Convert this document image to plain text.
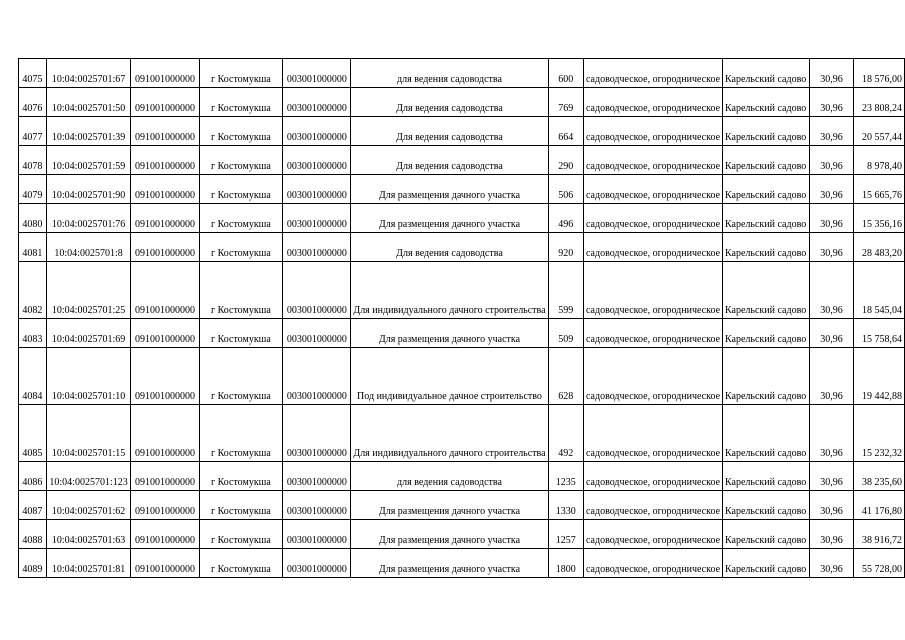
4075	10:04:0025701:67	091001000000	г Костомукша	003001000000	для ведения садоводства	600	садоводческое, огородническое	Карельский садово	30,96	18 576,00
4076	10:04:0025701:50	091001000000	г Костомукша	003001000000	Для ведения садоводства	769	садоводческое, огородническое	Карельский садово	30,96	23 808,24
4077	10:04:0025701:39	091001000000	г Костомукша	003001000000	Для ведения садоводства	664	садоводческое, огородническое	Карельский садово	30,96	20 557,44
4078	10:04:0025701:59	091001000000	г Костомукша	003001000000	Для ведения садоводства	290	садоводческое, огородническое	Карельский садово	30,96	8 978,40
4079	10:04:0025701:90	091001000000	г Костомукша	003001000000	Для размещения дачного участка	506	садоводческое, огородническое	Карельский садово	30,96	15 665,76
4080	10:04:0025701:76	091001000000	г Костомукша	003001000000	Для размещения дачного участка	496	садоводческое, огородническое	Карельский садово	30,96	15 356,16
4081	10:04:0025701:8	091001000000	г Костомукша	003001000000	Для ведения садоводства	920	садоводческое, огородническое	Карельский садово	30,96	28 483,20
4082	10:04:0025701:25	091001000000	г Костомукша	003001000000	Для индивидуального дачного строительства	599	садоводческое, огородническое	Карельский садово	30,96	18 545,04
4083	10:04:0025701:69	091001000000	г Костомукша	003001000000	Для размещения дачного участка	509	садоводческое, огородническое	Карельский садово	30,96	15 758,64
4084	10:04:0025701:10	091001000000	г Костомукша	003001000000	Под индивидуальное дачное строительство	628	садоводческое, огородническое	Карельский садово	30,96	19 442,88
4085	10:04:0025701:15	091001000000	г Костомукша	003001000000	Для индивидуального дачного строительства	492	садоводческое, огородническое	Карельский садово	30,96	15 232,32
4086	10:04:0025701:123	091001000000	г Костомукша	003001000000	для ведения садоводства	1235	садоводческое, огородническое	Карельский садово	30,96	38 235,60
4087	10:04:0025701:62	091001000000	г Костомукша	003001000000	Для размещения дачного участка	1330	садоводческое, огородническое	Карельский садово	30,96	41 176,80
4088	10:04:0025701:63	091001000000	г Костомукша	003001000000	Для размещения дачного участка	1257	садоводческое, огородническое	Карельский садово	30,96	38 916,72
4089	10:04:0025701:81	091001000000	г Костомукша	003001000000	Для размещения дачного участка	1800	садоводческое, огородническое	Карельский садово	30,96	55 728,00
